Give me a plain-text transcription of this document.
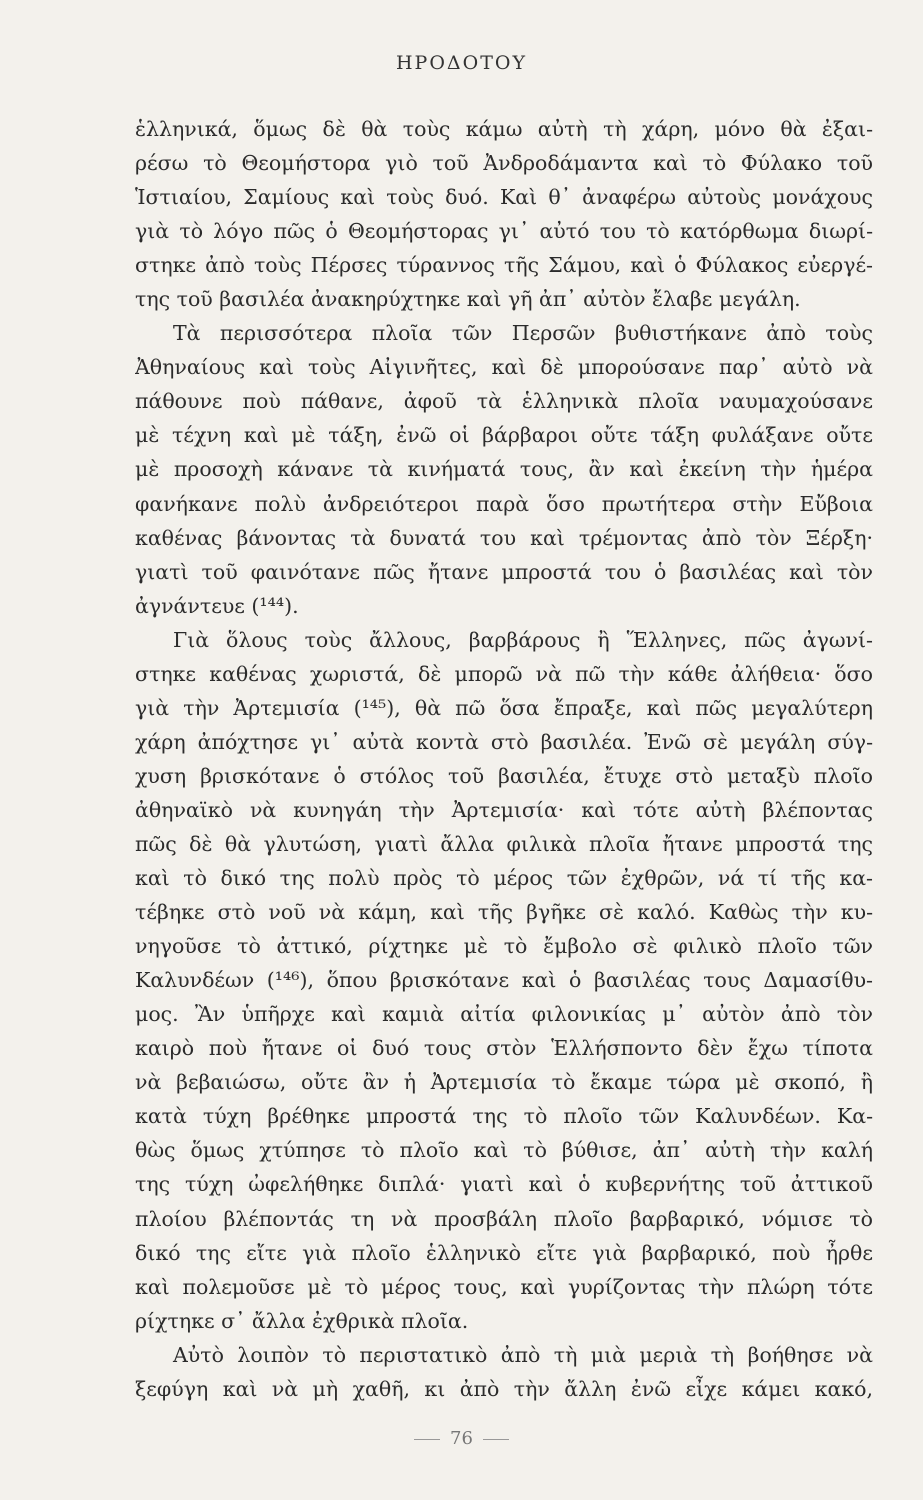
ΗΡΟΔΟΤΟΥ
ἑλληνικά, ὅμως δὲ θὰ τοὺς κάμω αὐτὴ τὴ χάρη, μόνο θὰ ἐξαι-
ρέσω τὸ Θεομήστορα γιὸ τοῦ Ἀνδροδάμαντα καὶ τὸ Φύλακο τοῦ
Ἱστιαίου, Σαμίους καὶ τοὺς δυό. Καὶ θ᾽ ἀναφέρω αὐτοὺς μονάχους
γιὰ τὸ λόγο πῶς ὁ Θεομήστορας γι᾽ αὐτό του τὸ κατόρθωμα διωρί-
στηκε ἀπὸ τοὺς Πέρσες τύραννος τῆς Σάμου, καὶ ὁ Φύλακος εὐεργέ-
της τοῦ βασιλέα ἀνακηρύχτηκε καὶ γῆ ἀπ᾽ αὐτὸν ἔλαβε μεγάλη.
Τὰ περισσότερα πλοῖα τῶν Περσῶν βυθιστήκανε ἀπὸ τοὺς
Ἀθηναίους καὶ τοὺς Αἰγινῆτες, καὶ δὲ μπορούσανε παρ᾽ αὐτὸ νὰ
πάθουνε ποὺ πάθανε, ἀφοῦ τὰ ἑλληνικὰ πλοῖα ναυμαχούσανε
μὲ τέχνη καὶ μὲ τάξη, ἐνῶ οἱ βάρβαροι οὔτε τάξη φυλάξανε οὔτε
μὲ προσοχὴ κάνανε τὰ κινήματά τους, ἂν καὶ ἐκείνη τὴν ἡμέρα
φανήκανε πολὺ ἀνδρειότεροι παρὰ ὅσο πρωτήτερα στὴν Εὔβοια
καθένας βάνοντας τὰ δυνατά του καὶ τρέμοντας ἀπὸ τὸν Ξέρξη·
γιατὶ τοῦ φαινότανε πῶς ἤτανε μπροστά του ὁ βασιλέας καὶ τὸν
ἀγνάντευε (¹⁴⁴).
Γιὰ ὅλους τοὺς ἄλλους, βαρβάρους ἢ Ἕλληνες, πῶς ἀγωνί-
στηκε καθένας χωριστά, δὲ μπορῶ νὰ πῶ τὴν κάθε ἀλήθεια· ὅσο
γιὰ τὴν Ἀρτεμισία (¹⁴⁵), θὰ πῶ ὅσα ἔπραξε, καὶ πῶς μεγαλύτερη
χάρη ἀπόχτησε γι᾽ αὐτὰ κοντὰ στὸ βασιλέα. Ἐνῶ σὲ μεγάλη σύγ-
χυση βρισκότανε ὁ στόλος τοῦ βασιλέα, ἔτυχε στὸ μεταξὺ πλοῖο
ἀθηναϊκὸ νὰ κυνηγάη τὴν Ἀρτεμισία· καὶ τότε αὐτὴ βλέποντας
πῶς δὲ θὰ γλυτώση, γιατὶ ἄλλα φιλικὰ πλοῖα ἤτανε μπροστά της
καὶ τὸ δικό της πολὺ πρὸς τὸ μέρος τῶν ἐχθρῶν, νά τί τῆς κα-
τέβηκε στὸ νοῦ νὰ κάμη, καὶ τῆς βγῆκε σὲ καλό. Καθὼς τὴν κυ-
νηγοῦσε τὸ ἀττικό, ρίχτηκε μὲ τὸ ἔμβολο σὲ φιλικὸ πλοῖο τῶν
Καλυνδέων (¹⁴⁶), ὅπου βρισκότανε καὶ ὁ βασιλέας τους Δαμασίθυ-
μος. Ἂν ὑπῆρχε καὶ καμιὰ αἰτία φιλονικίας μ᾽ αὐτὸν ἀπὸ τὸν
καιρὸ ποὺ ἤτανε οἱ δυό τους στὸν Ἑλλήσποντο δὲν ἔχω τίποτα
νὰ βεβαιώσω, οὔτε ἂν ἡ Ἀρτεμισία τὸ ἔκαμε τώρα μὲ σκοπό, ἢ
κατὰ τύχη βρέθηκε μπροστά της τὸ πλοῖο τῶν Καλυνδέων. Κα-
θὼς ὅμως χτύπησε τὸ πλοῖο καὶ τὸ βύθισε, ἀπ᾽ αὐτὴ τὴν καλή
της τύχη ὠφελήθηκε διπλά· γιατὶ καὶ ὁ κυβερνήτης τοῦ ἀττικοῦ
πλοίου βλέποντάς τη νὰ προσβάλη πλοῖο βαρβαρικό, νόμισε τὸ
δικό της εἴτε γιὰ πλοῖο ἑλληνικὸ εἴτε γιὰ βαρβαρικό, ποὺ ἦρθε
καὶ πολεμοῦσε μὲ τὸ μέρος τους, καὶ γυρίζοντας τὴν πλώρη τότε
ρίχτηκε σ᾽ ἄλλα ἐχθρικὰ πλοῖα.
Αὐτὸ λοιπὸν τὸ περιστατικὸ ἀπὸ τὴ μιὰ μεριὰ τὴ βοήθησε νὰ
ξεφύγη καὶ νὰ μὴ χαθῆ, κι ἀπὸ τὴν ἄλλη ἐνῶ εἶχε κάμει κακό,
76
